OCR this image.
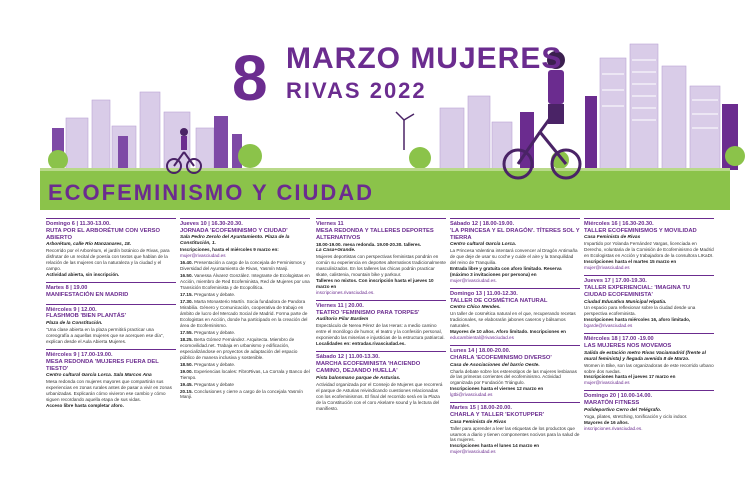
8 MARZO MUJERES
RIVAS 2022
ECOFEMINISMO Y CIUDAD
Domingo 6 | 11.30-13.00.
RUTA POR EL ARBORÉTUM CON VERSO ABIERTO
Arborétum, calle Río Manzanares, 18.
Recorrido por el Arborétum, el jardín botánico de Rivas, para disfrutar de un recital de poesía con textos que hablan de la relación de las mujeres con la naturaleza y la ciudad y el campo.
Actividad abierta, sin inscripción.
Martes 8 | 19.00
MANIFESTACIÓN EN MADRID
Miércoles 9 | 12.00.
FLASHMOB 'BIEN PLANTÁS'
Plaza de la Constitución.
"Una clase abierta en la plaza permitirá practicar una coreografía a aquellas mujeres que se acerquen ese día", explican desde el Aula Abierta Mujeres.
Miércoles 9 | 17.00-19.00.
MESA REDONDA 'MUJERES FUERA DEL TIESTO'
Centro cultural García Lorca. Sala Marcos Ana
Mesa redonda con mujeres mayores que compartirán sus experiencias en zonas rurales antes de pasar a vivir en zonas urbanizadas. Explicarán cómo vivieron ese cambio y cómo siguen recordando aquella etapa de sus vidas.
Acceso libre hasta completar aforo.
Jueves 10 | 16.30-20.30.
JORNADA 'ECOFEMINISMO Y CIUDAD'
Sala Pedro Zerolo del Ayuntamiento. Plaza de la Constitución, 1.
Inscripciones, hasta el miércoles 9 marzo en:
mujer@rivasciudad.es
16.40. Presentación a cargo de la concejala de Feminismos y Diversidad del Ayuntamiento de Rivas, Yasmín Manji.
16.50. Vanessa Álvarez González. Integrante de Ecologistas en Acción, miembro de Red Ecofeminista, Red de Mujeres por una Transición Ecofeminista y de Ecopolítica.
17.15. Preguntas y debate.
17.30. Marta Monasterio Martín. Socia fundadora de Pandora Mirabilia. Género y Comunicación, cooperativa de trabajo en ámbito de lucro del Mercado Social de Madrid. Forma parte de Ecologistas en Acción, donde ha participado en la creación del área de Ecofeminismo.
17.55. Preguntas y debate.
18.25. Berta Gómez Fernández. Arquitecta. Miembro de ecomovilidad.net. Trabaja en urbanismo y edificación, especializándose en proyectos de adaptación del espacio público de manera inclusiva y sostenible.
18.50. Preguntas y debate.
19.00. Experiencias locales: FibroRivas, La Corrala y Banco del Tiempo.
19.45. Preguntas y debate
20.15. Conclusiones y cierre a cargo de la concejala Yasmín Manji.
Viernes 11
MESA REDONDA Y TALLERES DEPORTES ALTERNATIVOS
18.00-19.00. mesa redonda. 19.00-20.30. talleres.
La Casa+Grande.
Mujeres deportistas con perspectivas feministas pondrán en común su experiencia en deportes alternativos tradicionalmente masculinizados. En los talleres las chicas podrán practicar skate, calistenia, mountain bike y parkour.
Talleres no mixtos. Con inscripción hasta el jueves 10 marzo en
inscripciones.rivasciudad.es.
Viernes 11 | 20.00.
TEATRO 'FEMINISMO PARA TORPES'
Auditorio Pilar Bardem
Espectáculo de Nerea Pérez de las Heras: a medio camino entre el monólogo de humor, el teatro y la confesión personal, exponiendo las miserias e injusticias de la estructura patriarcal.
Localidades en: entradas.rivasciudad.es.
Sábado 12 | 11.00-13.30.
MARCHA ECOFEMINISTA 'HACIENDO CAMINO, DEJANDO HUELLA'
Pista balonmano parque de Asturias.
Actividad organizada por el Consejo de Mujeres que recorrerá el parque de Asturias reivindicando cuestiones relacionadas con los ecofeminismos. El final del recorrido será en la Plaza de la Constitución con el coro Akelarre sound y la lectura del manifiesto.
Sábado 12 | 18.00-19.00.
'LA PRINCESA Y EL DRAGÓN'. TÍTERES SOL Y TIERRA
Centro cultural García Lorca.
La Princesa Valentina intentará convencer al Dragón Antimaña de que deje de usar su coche y cuide el aire y la tranquilidad del reino de Tranquilia.
Entrada libre y gratuita con aforo limitado. Reserva (máximo 3 invitaciones por persona) en
mujer@rivasciudad.es.
Domingo 13 | 11.00-12.30.
TALLER DE COSMÉTICA NATURAL
Centro Chico Mendes.
Un taller de cosmética natural en el que, recuperando recetas tradicionales, se elaborarán jabones caseros y bálsamos naturales.
Mayores de 10 años. Aforo limitado. Inscripciones en
educambiental@rivasciudad.es
Lunes 14 | 18.00-20.00.
CHARLA 'ECOFEMINISMO DIVERSO'
Casa de Asociaciones del barrio Oeste.
Charla debate sobre los estereotipos de las mujeres lesbianas de las primeras corrientes del ecofeminismo. Actividad organizada por Fundación Triángulo.
Inscripciones hasta el viernes 12 marzo en
lgtbi@rivasciudad.es
Martes 15 | 18.00-20.00.
CHARLA Y TALLER 'EKOTUPPER'
Casa Feminista de Rivas
Taller para aprender a leer las etiquetas de los productos que usamos a diario y tienen componentes nocivos para la salud de las mujeres.
Inscripciones hasta el lunes 14 marzo en
mujer@rivasciudad.es
Miércoles 16 | 16.30-20.30.
TALLER ECOFEMINISMOS Y MOVILIDAD
Casa Feminista de Rivas
Impartido por Yolanda Fernández Vargas, licenciada en Derecho, voluntaria de la Comisión de Ecofeminismo de Madrid en Ecologistas en Acción y trabajadora de la consultora LIKaDI.
Inscripciones hasta el martes 15 marzo en
mujer@rivasciudad.es
Jueves 17 | 17.00-19.30.
TALLER EXPERIENCIAL: 'IMAGINA TU CIUDAD ECOFEMINISTA'
Ciudad Educativa Municipal Hipatia.
Un espacio para reflexionar sobre la ciudad desde una perspectiva ecofeminista.
Inscripciones hasta miércoles 16, aforo limitado,
bgarde@rivasciudad.es
Miércoles 18 | 17.00 -19.00
LAS MUJERES NOS MOVEMOS
Salida de estación metro Rivas Vaciamadrid (frente al mural feminista) y llegada avenida 8 de Marzo.
Women in Bike, son las organizadoras de este recorrido urbano sobre dos ruedas.
Inscripciones hasta el jueves 17 marzo en
mujer@rivasciudad.es
Domingo 20 | 10.00-14.00.
MARATÓN FITNESS
Polideportivo Cerro del Telégrafo.
Yoga, pilates, stretching, tonificación y ciclo indoor.
Mayores de 16 años.
inscripciones.rivasciudad.es.
